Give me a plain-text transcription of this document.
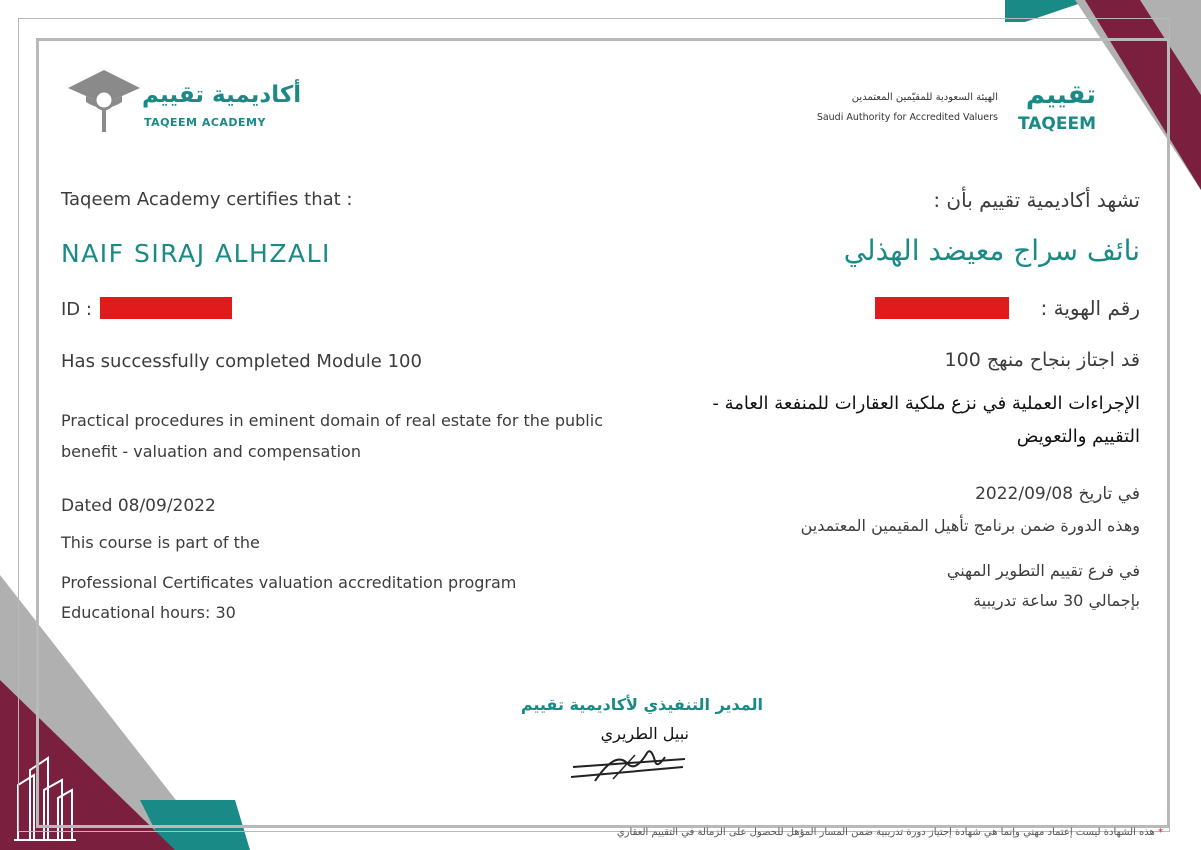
أكاديمية تقييم
TAQEEM ACADEMY
الهيئة السعودية للمقيّمين المعتمدين
Saudi Authority for Accredited Valuers
تقييم
TAQEEM
Taqeem Academy certifies that :
NAIF SIRAJ ALHZALI
ID :
Has successfully completed Module 100
Practical procedures in eminent domain of real estate for the public
benefit - valuation and compensation
Dated 08/09/2022
This course is part of the
Professional Certificates valuation accreditation program
Educational hours: 30
تشهد أكاديمية تقييم بأن :
نائف سراج معيضد الهذلي
رقم الهوية :
قد اجتاز بنجاح منهج 100
الإجراءات العملية في نزع ملكية العقارات للمنفعة العامة -
التقييم والتعويض
في تاريخ 2022/09/08
وهذه الدورة ضمن برنامج تأهيل المقيمين المعتمدين
في فرع تقييم التطوير المهني
بإجمالي 30 ساعة تدريبية
المدير التنفيذي لأكاديمية تقييم
نبيل الطريري
* هذه الشهادة ليست إعتماد مهني وإنما هي شهادة إجتياز دورة تدريبية ضمن المسار المؤهل للحصول على الزمالة في التقييم العقاري
